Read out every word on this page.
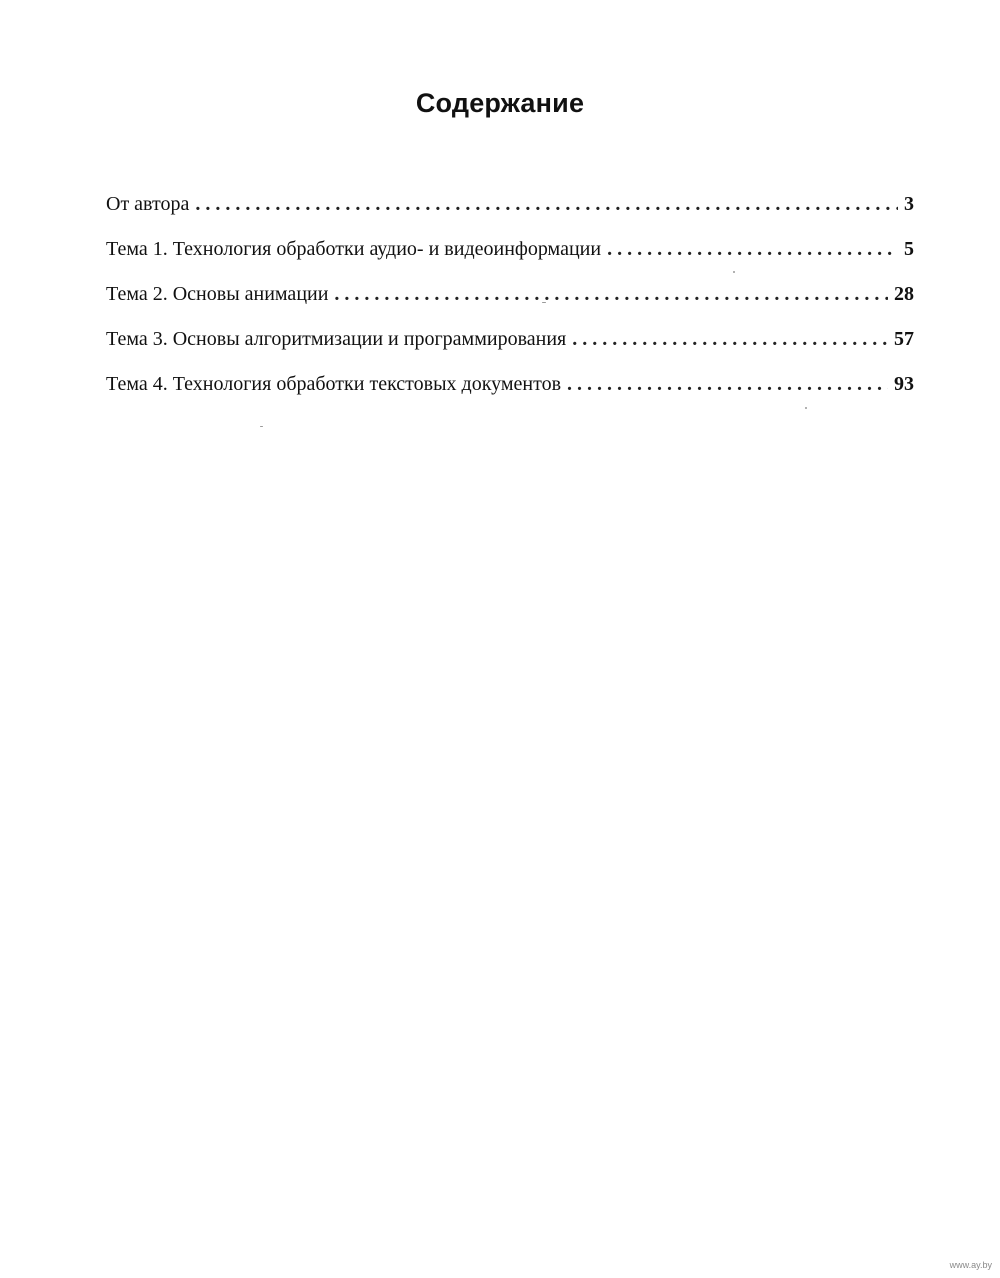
Содержание
От автора . . .	3
Тема 1. Технология обработки аудио- и видеоинформации . . .	5
Тема 2. Основы анимации . . .	28
Тема 3. Основы алгоритмизации и программирования . . .	57
Тема 4. Технология обработки текстовых документов . . .	93
www.ay.by
